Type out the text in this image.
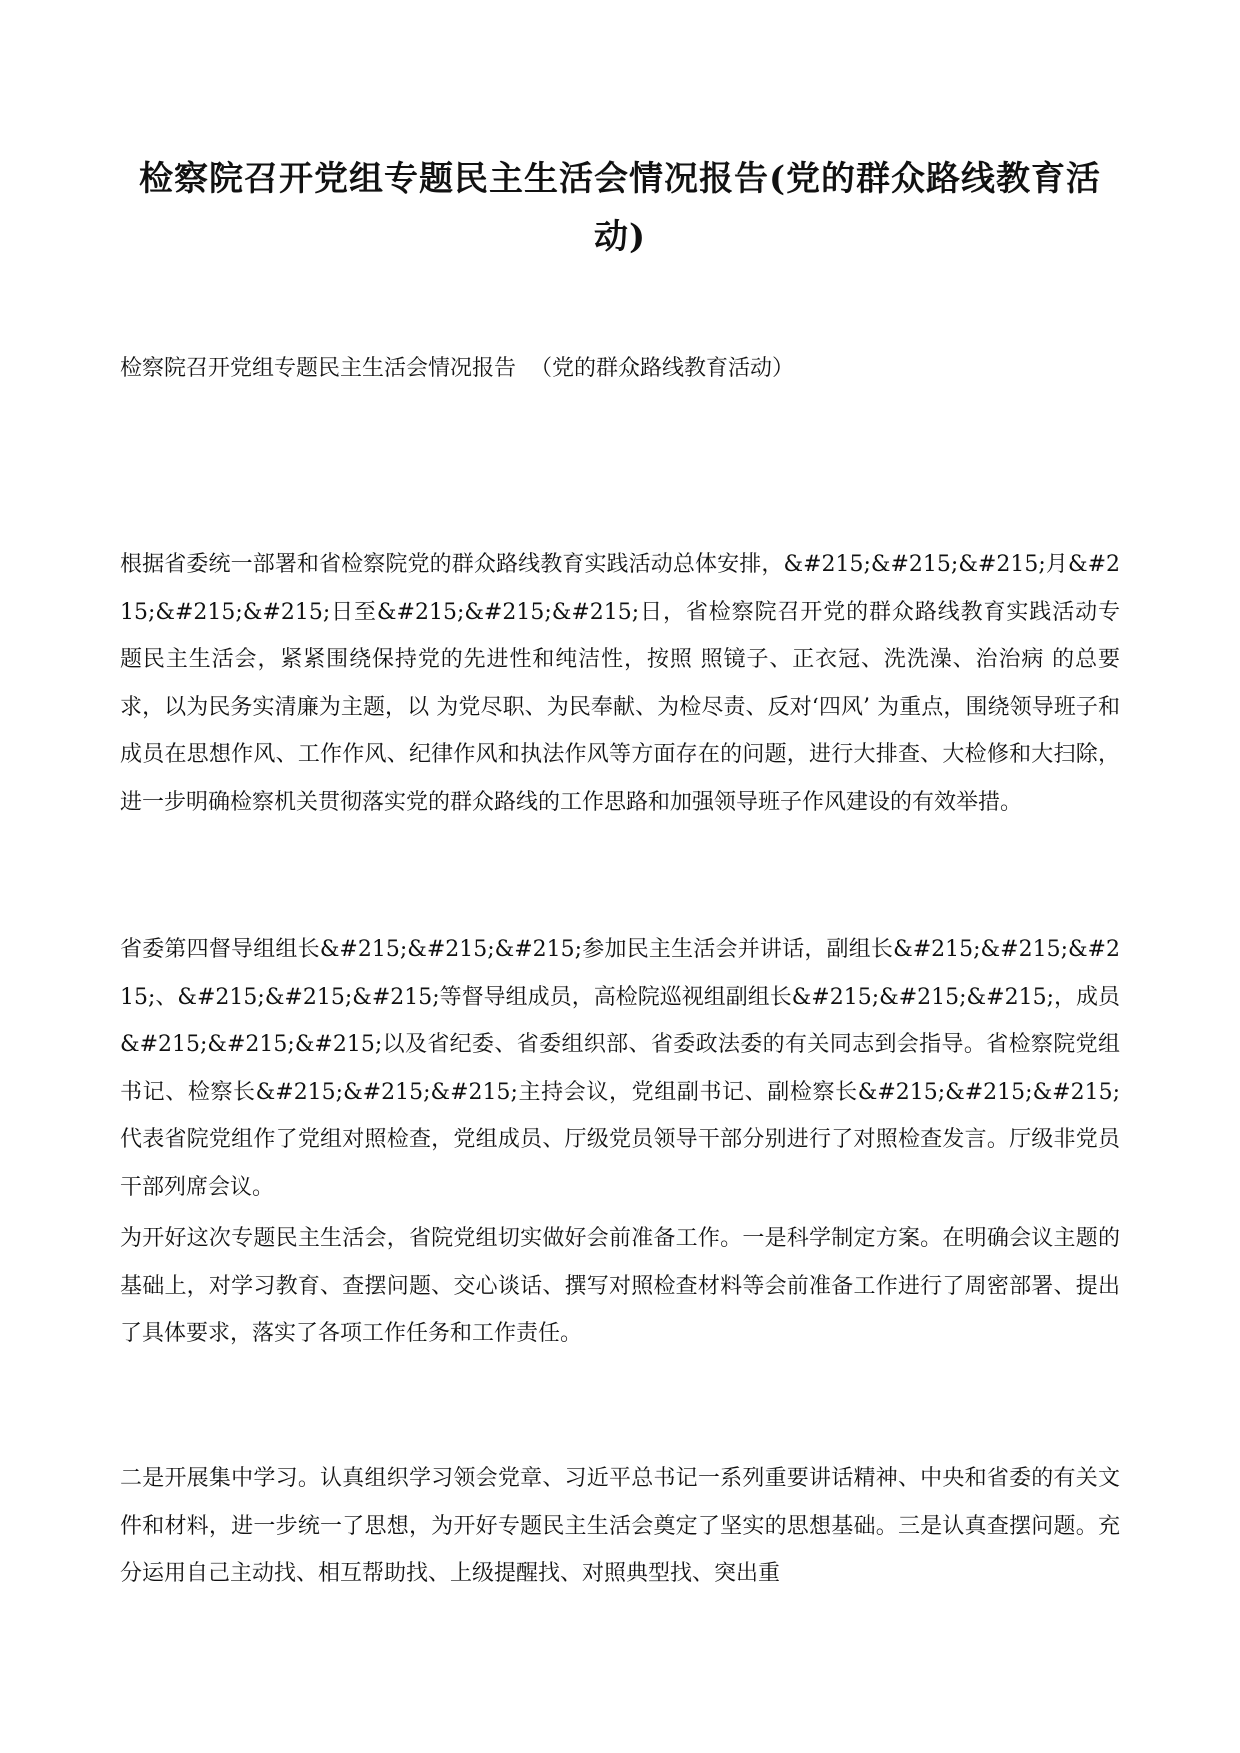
检察院召开党组专题民主生活会情况报告(党的群众路线教育活动)

检察院召开党组专题民主生活会情况报告  （党的群众路线教育活动）

根据省委统一部署和省检察院党的群众路线教育实践活动总体安排，&#215;&#215;&#215;月&#215;&#215;&#215;日至&#215;&#215;&#215;日，省检察院召开党的群众路线教育实践活动专题民主生活会，紧紧围绕保持党的先进性和纯洁性，按照 照镜子、正衣冠、洗洗澡、治治病 的总要求，以为民务实清廉为主题，以 为党尽职、为民奉献、为检尽责、反对‘四风’ 为重点，围绕领导班子和成员在思想作风、工作作风、纪律作风和执法作风等方面存在的问题，进行大排查、大检修和大扫除，进一步明确检察机关贯彻落实党的群众路线的工作思路和加强领导班子作风建设的有效举措。

省委第四督导组组长&#215;&#215;&#215;参加民主生活会并讲话，副组长&#215;&#215;&#215;、&#215;&#215;&#215;等督导组成员，高检院巡视组副组长&#215;&#215;&#215;，成员&#215;&#215;&#215;以及省纪委、省委组织部、省委政法委的有关同志到会指导。省检察院党组书记、检察长&#215;&#215;&#215;主持会议，党组副书记、副检察长&#215;&#215;&#215;代表省院党组作了党组对照检查，党组成员、厅级党员领导干部分别进行了对照检查发言。厅级非党员干部列席会议。

为开好这次专题民主生活会，省院党组切实做好会前准备工作。一是科学制定方案。在明确会议主题的基础上，对学习教育、查摆问题、交心谈话、撰写对照检查材料等会前准备工作进行了周密部署、提出了具体要求，落实了各项工作任务和工作责任。

二是开展集中学习。认真组织学习领会党章、习近平总书记一系列重要讲话精神、中央和省委的有关文件和材料，进一步统一了思想，为开好专题民主生活会奠定了坚实的思想基础。三是认真查摆问题。充分运用自己主动找、相互帮助找、上级提醒找、对照典型找、突出重
